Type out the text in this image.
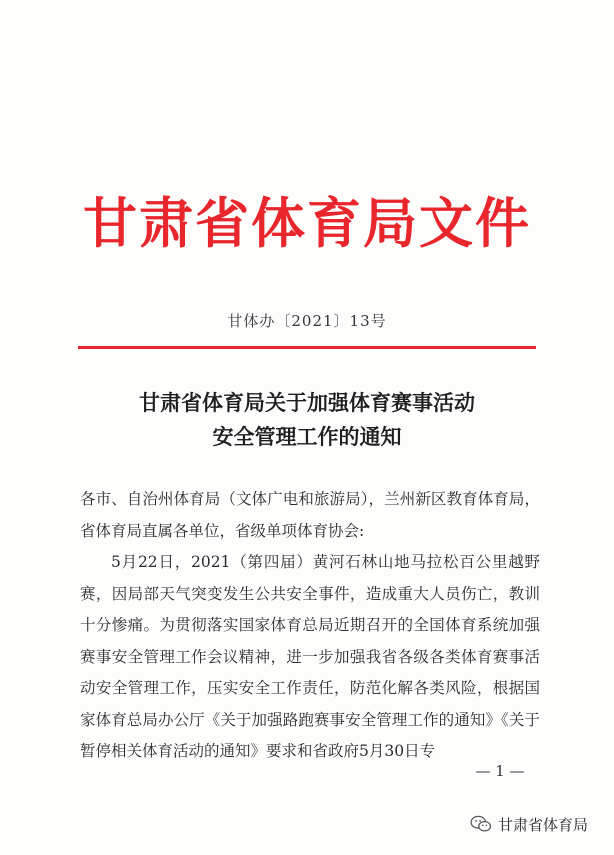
甘肃省体育局文件
甘体办〔2021〕13号
甘肃省体育局关于加强体育赛事活动
安全管理工作的通知

各市、自治州体育局（文体广电和旅游局），兰州新区教育体育局，省体育局直属各单位，省级单项体育协会:

5月22日，2021（第四届）黄河石林山地马拉松百公里越野赛，因局部天气突变发生公共安全事件，造成重大人员伤亡，教训十分惨痛。为贯彻落实国家体育总局近期召开的全国体育系统加强赛事安全管理工作会议精神，进一步加强我省各级各类体育赛事活动安全管理工作，压实安全工作责任，防范化解各类风险，根据国家体育总局办公厅《关于加强路跑赛事安全管理工作的通知》《关于暂停相关体育活动的通知》要求和省政府5月30日专

— 1 —
甘肃省体育局
